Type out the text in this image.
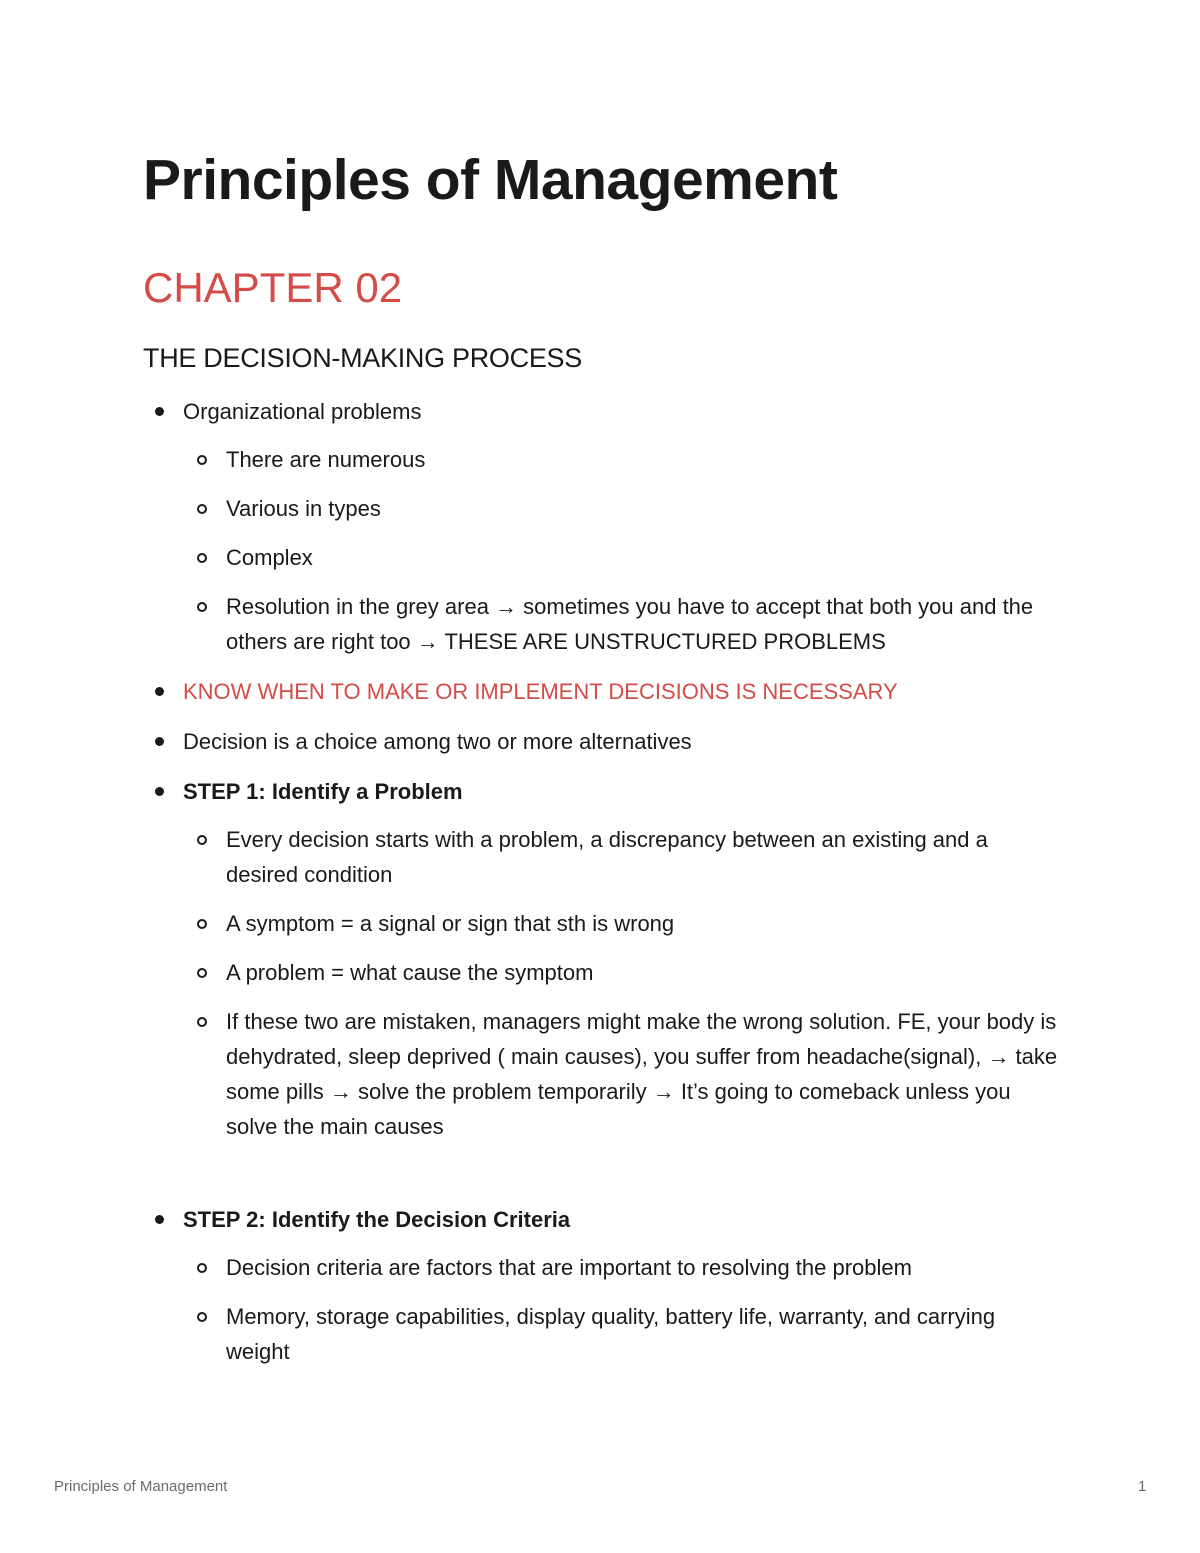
Principles of Management
CHAPTER 02
THE DECISION-MAKING PROCESS
Organizational problems
There are numerous
Various in types
Complex
Resolution in the grey area → sometimes you have to accept that both you and the others are right too → THESE ARE UNSTRUCTURED PROBLEMS
KNOW WHEN TO MAKE OR IMPLEMENT DECISIONS IS NECESSARY
Decision is a choice among two or more alternatives
STEP 1: Identify a Problem
Every decision starts with a problem, a discrepancy between an existing and a desired condition
A symptom = a signal or sign that sth is wrong
A problem = what cause the symptom
If these two are mistaken, managers might make the wrong solution. FE, your body is dehydrated, sleep deprived ( main causes), you suffer from headache(signal), → take some pills → solve the problem temporarily → It’s going to comeback unless you solve the main causes
STEP 2: Identify the Decision Criteria
Decision criteria are factors that are important to resolving the problem
Memory, storage capabilities, display quality, battery life, warranty, and carrying weight
Principles of Management	1
